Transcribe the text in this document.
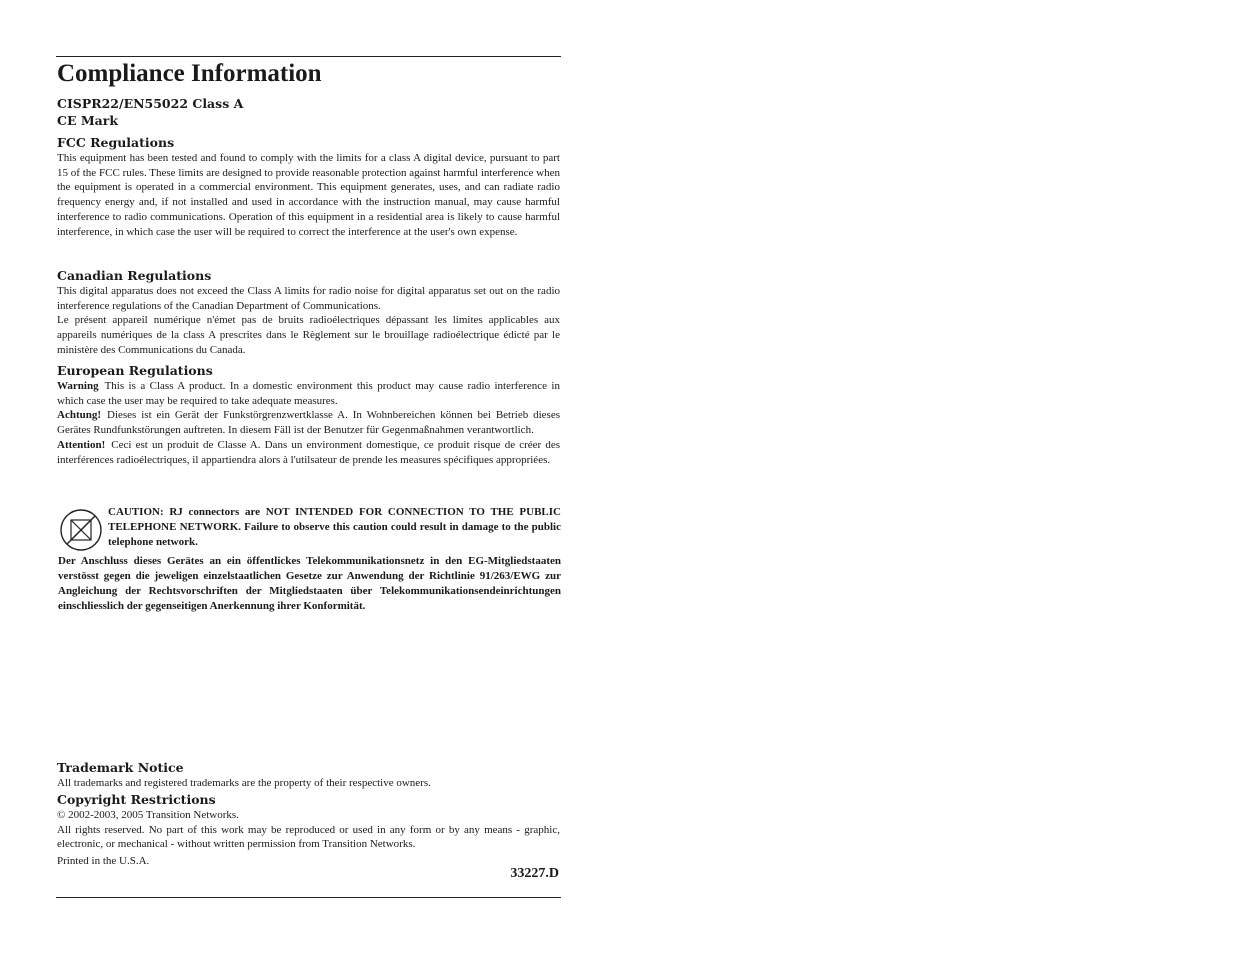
Compliance Information
CISPR22/EN55022 Class A
CE Mark
FCC Regulations

This equipment has been tested and found to comply with the limits for a class A digital device, pursuant to part 15 of the FCC rules. These limits are designed to provide reasonable protection against harmful interference when the equipment is operated in a commercial environment. This equipment generates, uses, and can radiate radio frequency energy and, if not installed and used in accordance with the instruction manual, may cause harmful interference to radio communications. Operation of this equipment in a residential area is likely to cause harmful interference, in which case the user will be required to correct the interference at the user's own expense.

Canadian Regulations

This digital apparatus does not exceed the Class A limits for radio noise for digital apparatus set out on the radio interference regulations of the Canadian Department of Communications.

Le présent appareil numérique n'émet pas de bruits radioélectriques dépassant les limites applicables aux appareils numériques de la class A prescrites dans le Règlement sur le brouillage radioélectrique édicté par le ministère des Communications du Canada.

European Regulations

Warning This is a Class A product. In a domestic environment this product may cause radio interference in which case the user may be required to take adequate measures.

Achtung! Dieses ist ein Gerät der Funkstörgrenzwertklasse A. In Wohnbereichen können bei Betrieb dieses Gerätes Rundfunkstörungen auftreten. In diesem Fäll ist der Benutzer für Gegenmaßnahmen verantwortlich.

Attention! Ceci est un produit de Classe A. Dans un environment domestique, ce produit risque de créer des interférences radioélectriques, il appartiendra alors à l'utilsateur de prende les measures spécifiques appropriées.

CAUTION: RJ connectors are NOT INTENDED FOR CONNECTION TO THE PUBLIC TELEPHONE NETWORK. Failure to observe this caution could result in damage to the public telephone network.

Der Anschluss dieses Gerätes an ein öffentlickes Telekommunikationsnetz in den EG-Mitgliedstaaten verstösst gegen die jeweligen einzelstaatlichen Gesetze zur Anwendung der Richtlinie 91/263/EWG zur Angleichung der Rechtsvorschriften der Mitgliedstaaten über Telekommunikationsendeinrichtungen einschliesslich der gegenseitigen Anerkennung ihrer Konformität.

Trademark Notice

All trademarks and registered trademarks are the property of their respective owners.

Copyright Restrictions

© 2002-2003, 2005 Transition Networks.

All rights reserved. No part of this work may be reproduced or used in any form or by any means - graphic, electronic, or mechanical - without written permission from Transition Networks.

Printed in the U.S.A.

33227.D
